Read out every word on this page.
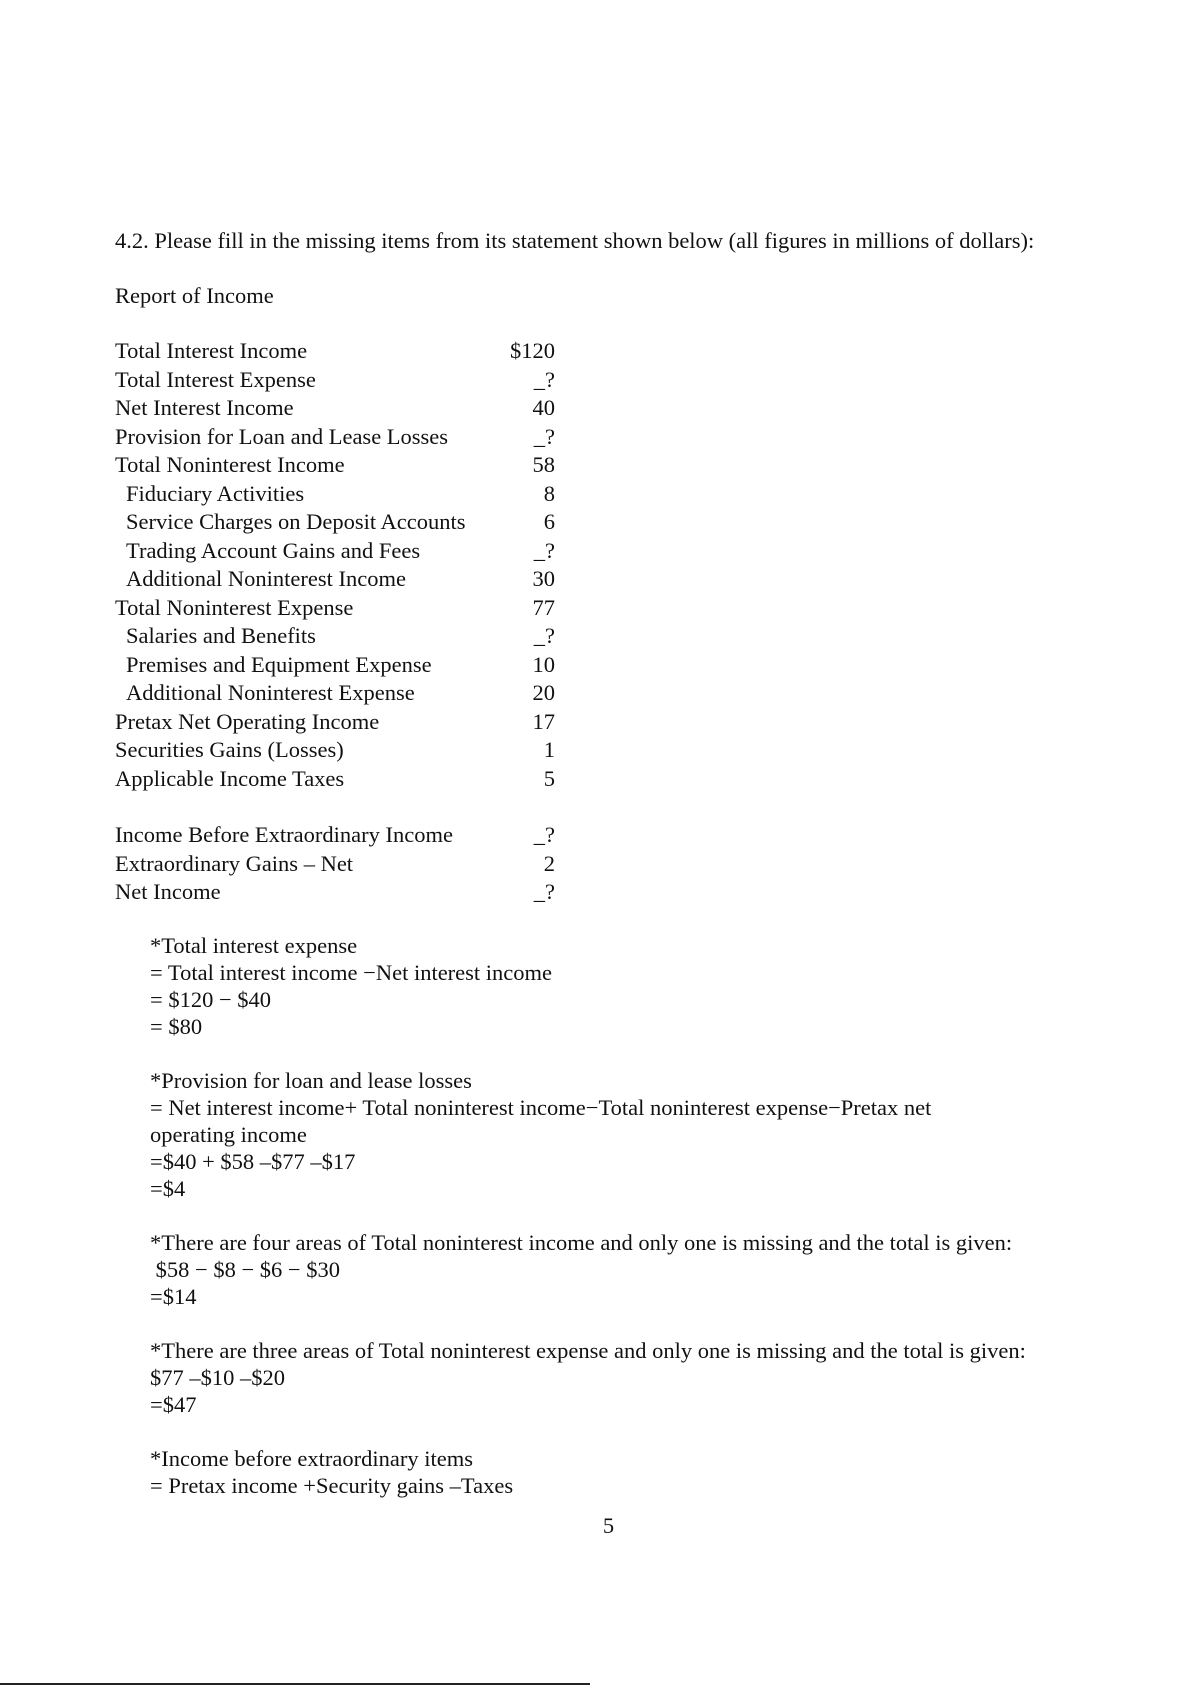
4.2. Please fill in the missing items from its statement shown below (all figures in millions of dollars):
Report of Income
Total Interest Income	$120
Total Interest Expense	_?
Net Interest Income	40
Provision for Loan and Lease Losses	_?
Total Noninterest Income	58
Fiduciary Activities	8
Service Charges on Deposit Accounts	6
Trading Account Gains and Fees	_?
Additional Noninterest Income	30
Total Noninterest Expense	77
Salaries and Benefits	_?
Premises and Equipment Expense	10
Additional Noninterest Expense	20
Pretax Net Operating Income	17
Securities Gains (Losses)	1
Applicable Income Taxes	5
Income Before Extraordinary Income	_?
Extraordinary Gains – Net	2
Net Income	_?
*Total interest expense
= Total interest income −Net interest income
= $120 − $40
= $80
*Provision for loan and lease losses
= Net interest income+ Total noninterest income−Total noninterest expense−Pretax net operating income
=$40 + $58 –$77 –$17
=$4
*There are four areas of Total noninterest income and only one is missing and the total is given:
$58 − $8 − $6 − $30
=$14
*There are three areas of Total noninterest expense and only one is missing and the total is given:
$77 –$10 –$20
=$47
*Income before extraordinary items
= Pretax income +Security gains –Taxes
5
